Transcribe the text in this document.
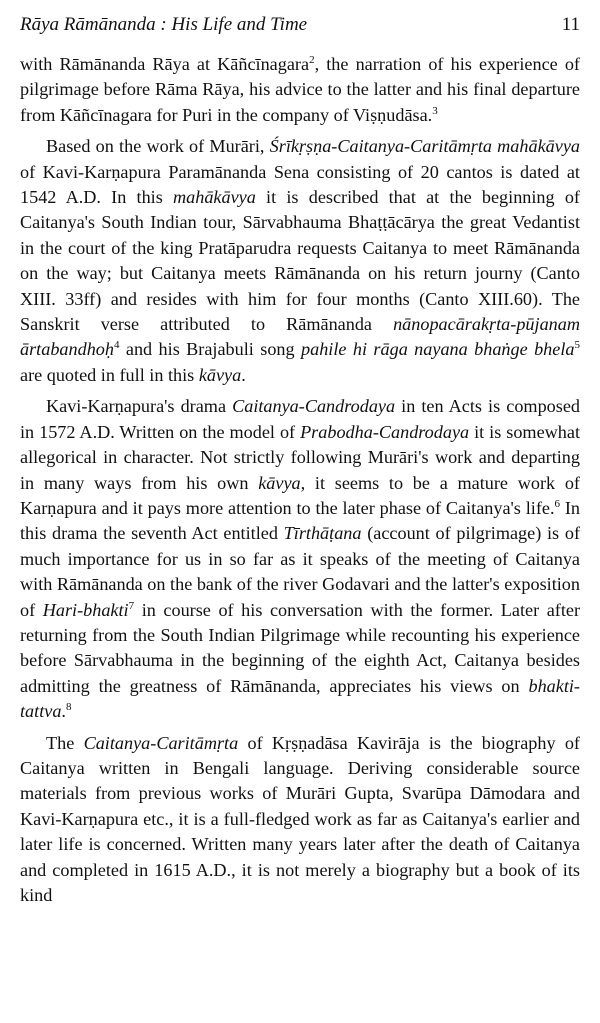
Rāya Rāmānanda : His Life and Time	11

with Rāmānanda Rāya at Kāñcīnagara$^2$, the narration of his experience of pilgrimage before Rāma Rāya, his advice to the latter and his final departure from Kāñcīnagara for Puri in the company of Viṣṇudāsa.$^3$

Based on the work of Murāri, Śrīkṛṣṇa-Caitanya-Caritāmṛta mahākāvya of Kavi-Karṇapura Paramānanda Sena consisting of 20 cantos is dated at 1542 A.D. In this mahākāvya it is described that at the beginning of Caitanya's South Indian tour, Sārvabhauma Bhaṭṭācārya the great Vedantist in the court of the king Pratāparudra requests Caitanya to meet Rāmānanda on the way; but Caitanya meets Rāmānanda on his return journy (Canto XIII. 33ff) and resides with him for four months (Canto XIII.60). The Sanskrit verse attributed to Rāmānanda nānopacārakṛta-pūjanam ārtabandhoḥ$^4$ and his Brajabuli song pahile hi rāga nayana bhaṅge bhela$^5$ are quoted in full in this kāvya.

Kavi-Karṇapura's drama Caitanya-Candrodaya in ten Acts is composed in 1572 A.D. Written on the model of Prabodha-Candrodaya it is somewhat allegorical in character. Not strictly following Murāri's work and departing in many ways from his own kāvya, it seems to be a mature work of Karṇapura and it pays more attention to the later phase of Caitanya's life.$^6$ In this drama the seventh Act entitled Tīrthāṭana (account of pilgrimage) is of much importance for us in so far as it speaks of the meeting of Caitanya with Rāmānanda on the bank of the river Godavari and the latter's exposition of Hari-bhakti$^7$ in course of his conversation with the former. Later after returning from the South Indian Pilgrimage while recounting his experience before Sārvabhauma in the beginning of the eighth Act, Caitanya besides admitting the greatness of Rāmānanda, appreciates his views on bhakti-tattva.$^8$

The Caitanya-Caritāmṛta of Kṛṣṇadāsa Kavirāja is the biography of Caitanya written in Bengali language. Deriving considerable source materials from previous works of Murāri Gupta, Svarūpa Dāmodara and Kavi-Karṇapura etc., it is a full-fledged work as far as Caitanya's earlier and later life is concerned. Written many years later after the death of Caitanya and completed in 1615 A.D., it is not merely a biography but a book of its kind
